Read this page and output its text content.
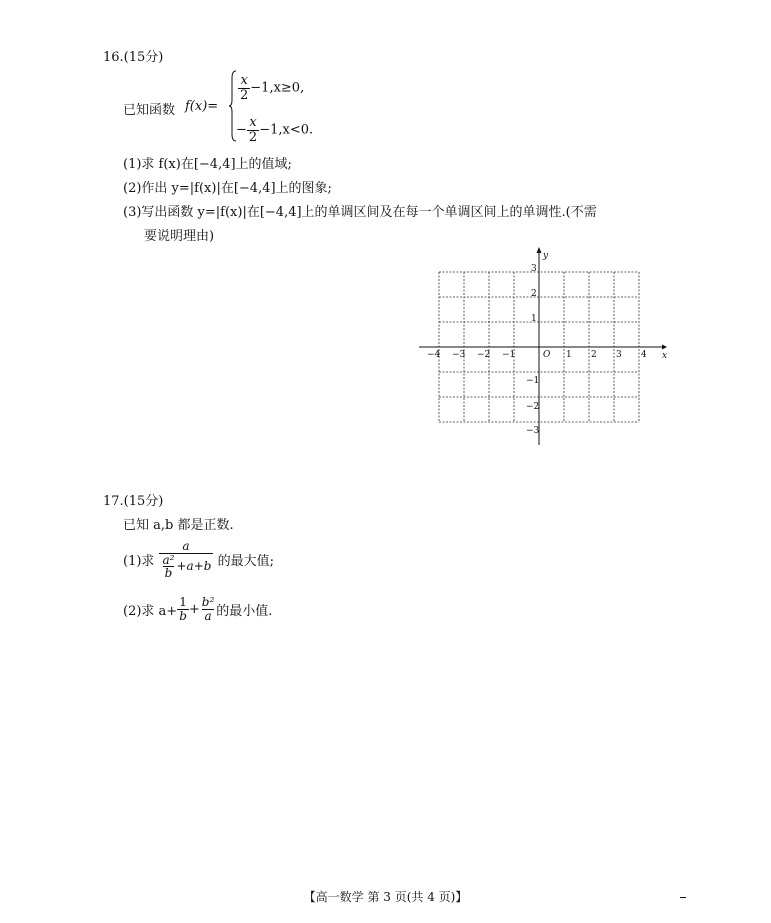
16.(15分)
已知函数 f(x)=
$\frac{x}{2} -1,x\ge 0$,
− $\frac{x}{2} -1,x<0$.
(1)求 f(x)在[−4,4]上的值域;
(2)作出 y=|f(x)|在[−4,4]上的图象;
(3)写出函数 y=|f(x)|在[−4,4]上的单调区间及在每一个单调区间上的单调性.(不需
要说明理由)
x
y
−4 −3 −2 −1	O 1 2 3 4
3
2
1
−1
−2
−3
17.(15分)
已知 a,b 都是正数.
(1)求 $\frac{a}{\frac{\text{a²}}{b} +a+b}$ 的最大值;
(2)求 $a+ \frac{1}{b} + \frac{\text{b²}}{a}$ 的最小值.
【高一数学 第 3 页(共 4 页)】
